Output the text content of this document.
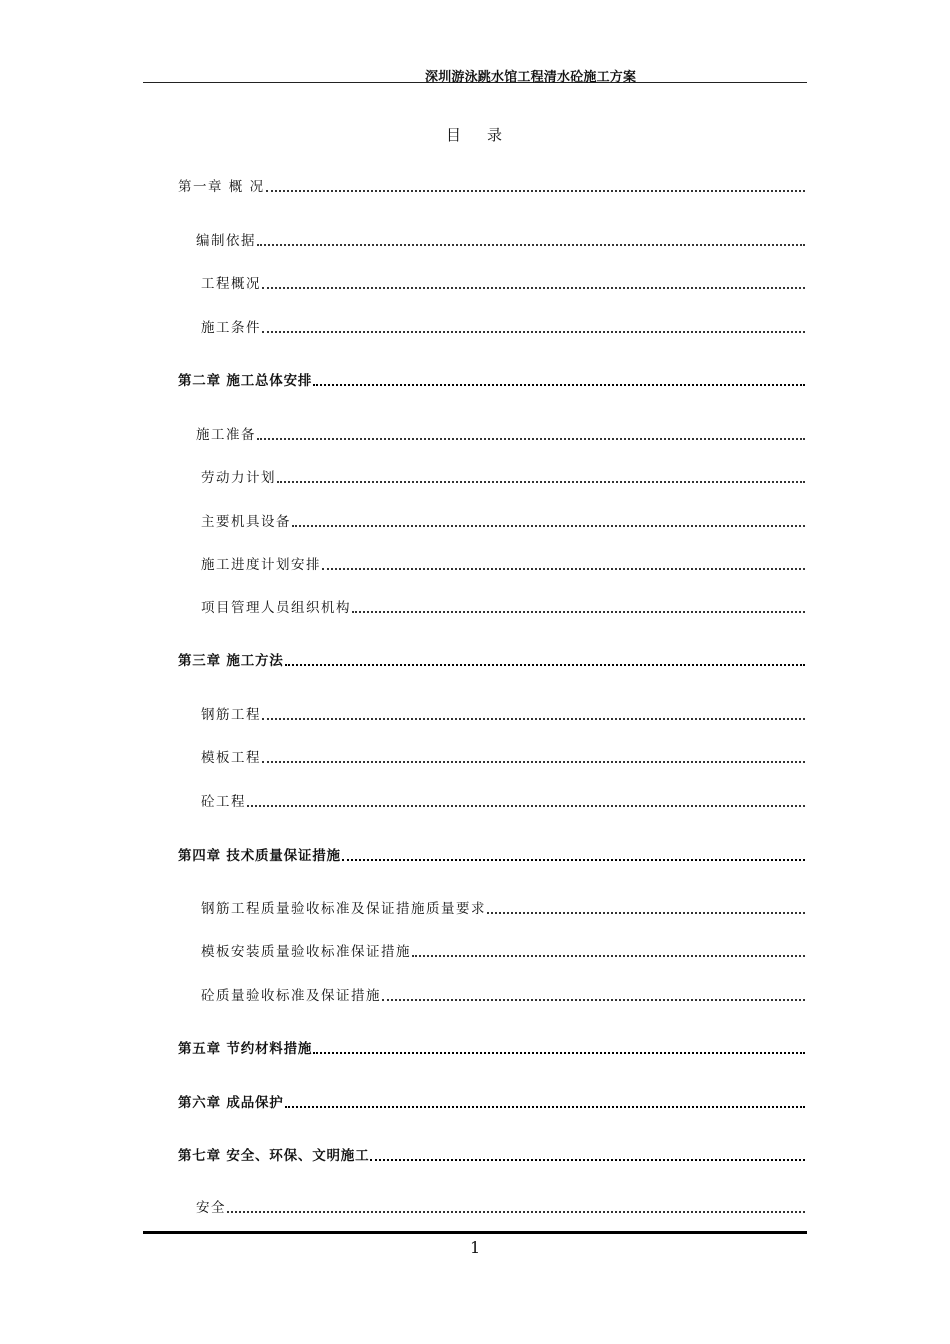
深圳游泳跳水馆工程清水砼施工方案
目 录
第一章 概 况
编制依据
工程概况
施工条件
第二章 施工总体安排
施工准备
劳动力计划
主要机具设备
施工进度计划安排
项目管理人员组织机构
第三章 施工方法
钢筋工程
模板工程
砼工程
第四章 技术质量保证措施
钢筋工程质量验收标准及保证措施质量要求
模板安装质量验收标准保证措施
砼质量验收标准及保证措施
第五章 节约材料措施
第六章 成品保护
第七章 安全、环保、文明施工
安全
1
